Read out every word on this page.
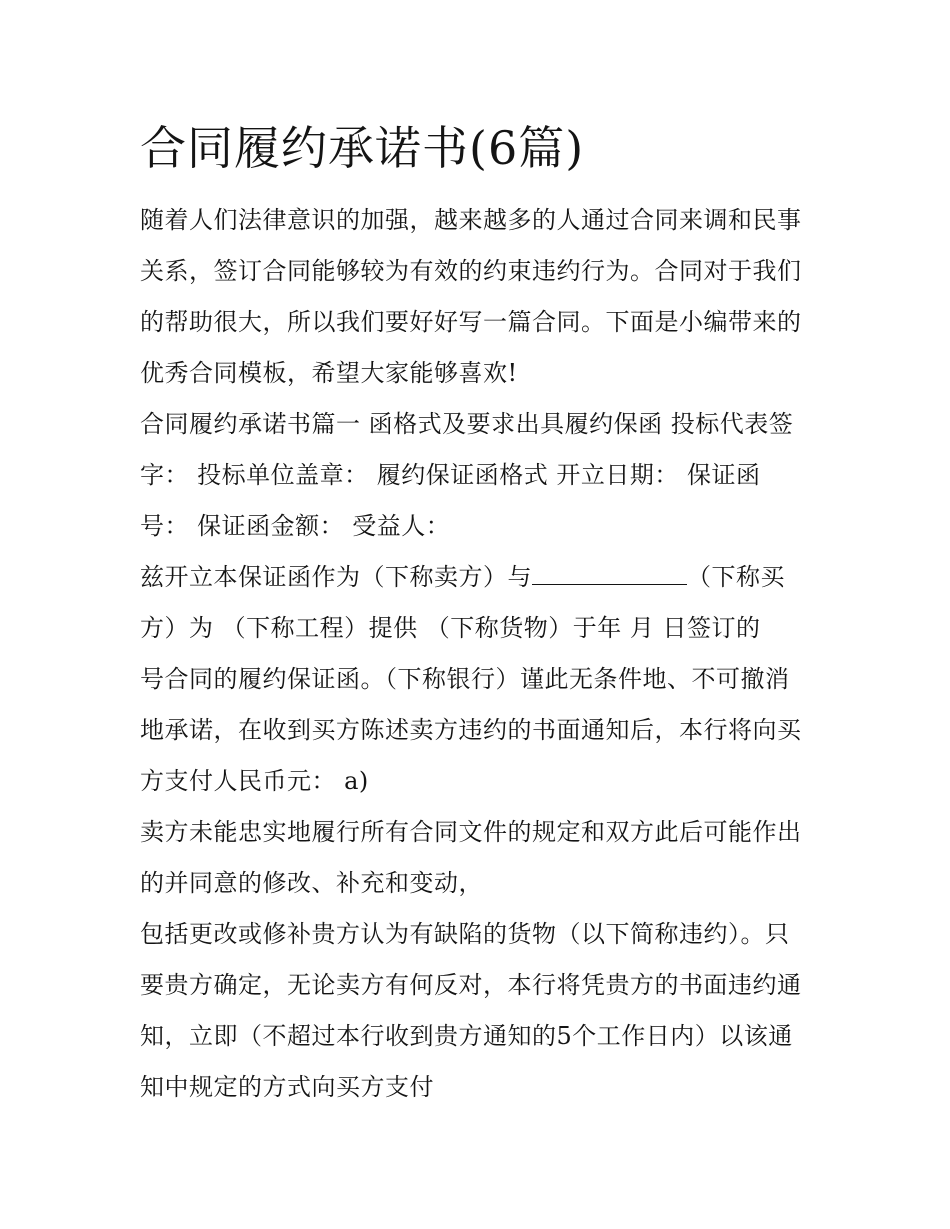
合同履约承诺书(6篇)

随着人们法律意识的加强，越来越多的人通过合同来调和民事

关系，签订合同能够较为有效的约束违约行为。合同对于我们

的帮助很大，所以我们要好好写一篇合同。下面是小编带来的

优秀合同模板，希望大家能够喜欢!

合同履约承诺书篇一 函格式及要求出具履约保函 投标代表签

字： 投标单位盖章： 履约保证函格式 开立日期： 保证函

号： 保证函金额： 受益人：

兹开立本保证函作为（下称卖方）与	（下称买

方）为 （下称工程）提供 （下称货物）于年 月 日签订的

号合同的履约保证函。（下称银行）谨此无条件地、不可撤消

地承诺，在收到买方陈述卖方违约的书面通知后，本行将向买

方支付人民币元： a)

卖方未能忠实地履行所有合同文件的规定和双方此后可能作出

的并同意的修改、补充和变动，

包括更改或修补贵方认为有缺陷的货物（以下简称违约）。只

要贵方确定，无论卖方有何反对，本行将凭贵方的书面违约通

知，立即（不超过本行收到贵方通知的5个工作日内）以该通

知中规定的方式向买方支付
